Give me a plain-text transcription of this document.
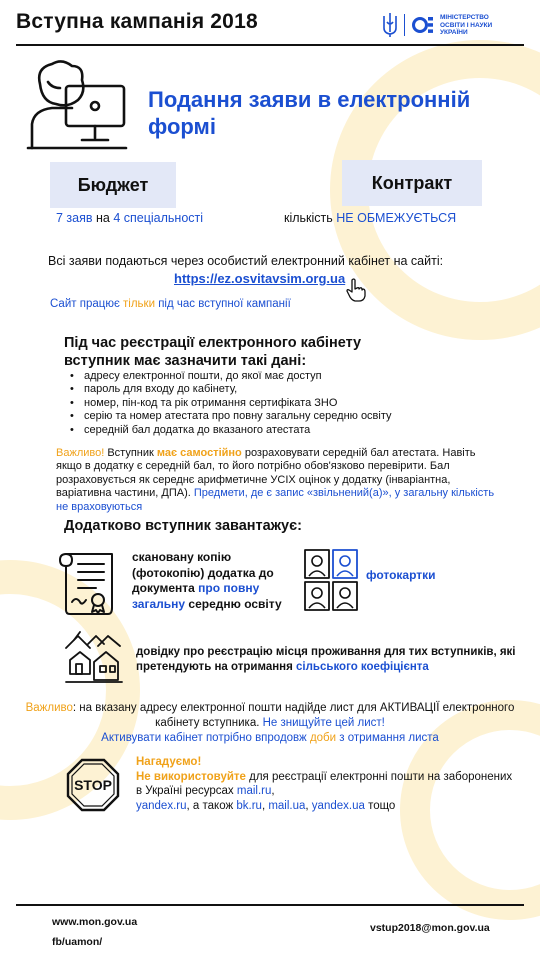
Вступна кампанія 2018	МІНІСТЕРСТВО
ОСВІТИ І НАУКИ
УКРАЇНИ
Подання заяви в електронній формі
Бюджет	Контракт
7 заяв на 4 спеціальності	кількість НЕ ОБМЕЖУЄТЬСЯ
Всі заяви подаються через особистий електронний кабінет на сайті:
https://ez.osvitavsim.org.ua
Сайт працює тільки під час вступної кампанії
Під час реєстрації електронного кабінету вступник має зазначити такі дані:
• адресу електронної пошти, до якої має доступ
• пароль для входу до кабінету,
• номер, пін-код та рік отримання сертифіката ЗНО
• серію та номер атестата про повну загальну середню освіту
• середній бал додатка до вказаного атестата
Важливо! Вступник має самостійно розраховувати середній бал атестата. Навіть якщо в додатку є середній бал, то його потрібно обов'язково перевірити. Бал розраховується як середнє арифметичне УСІХ оцінок у додатку (інваріантна, варіативна частини, ДПА). Предмети, де є запис «звільнений(а)», у загальну кількість не враховуються
Додатково вступник завантажує:
скановану копію (фотокопію) додатка до документа про повну загальну середню освіту
фотокартки
довідку про реєстрацію місця проживання для тих вступників, які претендують на отримання сільського коефіцієнта
Важливо: на вказану адресу електронної пошти надійде лист для АКТИВАЦІЇ електронного кабінету вступника. Не знищуйте цей лист!
Активувати кабінет потрібно впродовж доби з отримання листа
STOP
Нагадуємо!
Не використовуйте для реєстрації електронні пошти на заборонених в Україні ресурсах mail.ru,
yandex.ru, а також bk.ru, mail.ua, yandex.ua тощо
www.mon.gov.ua
fb/uamon/
vstup2018@mon.gov.ua
